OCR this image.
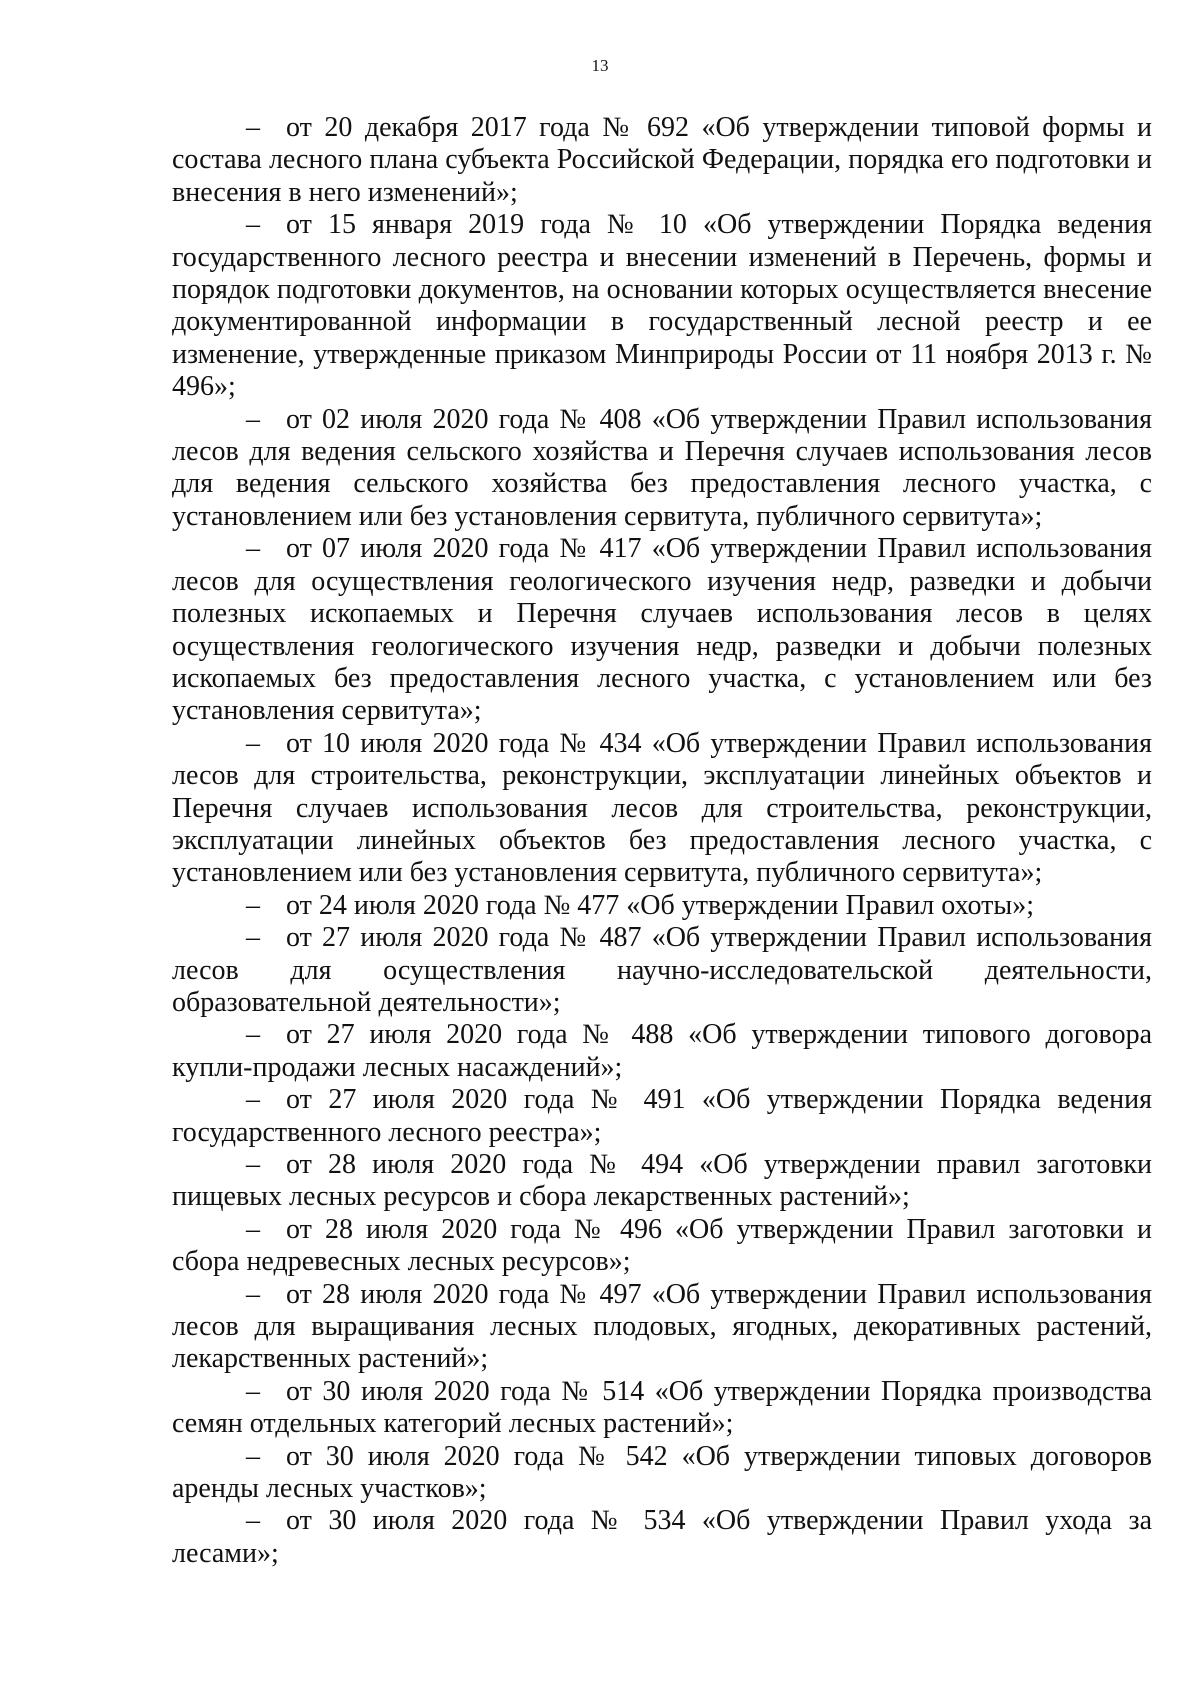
13

– от 20 декабря 2017 года № 692 «Об утверждении типовой формы и состава лесного плана субъекта Российской Федерации, порядка его подготовки и внесения в него изменений»;

– от 15 января 2019 года № 10 «Об утверждении Порядка ведения государственного лесного реестра и внесении изменений в Перечень, формы и порядок подготовки документов, на основании которых осуществляется внесение документированной информации в государственный лесной реестр и ее изменение, утвержденные приказом Минприроды России от 11 ноября 2013 г. № 496»;

– от 02 июля 2020 года № 408 «Об утверждении Правил использования лесов для ведения сельского хозяйства и Перечня случаев использования лесов для ведения сельского хозяйства без предоставления лесного участка, с установлением или без установления сервитута, публичного сервитута»;

– от 07 июля 2020 года № 417 «Об утверждении Правил использования лесов для осуществления геологического изучения недр, разведки и добычи полезных ископаемых и Перечня случаев использования лесов в целях осуществления геологического изучения недр, разведки и добычи полезных ископаемых без предоставления лесного участка, с установлением или без установления сервитута»;

– от 10 июля 2020 года № 434 «Об утверждении Правил использования лесов для строительства, реконструкции, эксплуатации линейных объектов и Перечня случаев использования лесов для строительства, реконструкции, эксплуатации линейных объектов без предоставления лесного участка, с установлением или без установления сервитута, публичного сервитута»;

– от 24 июля 2020 года № 477 «Об утверждении Правил охоты»;

– от 27 июля 2020 года № 487 «Об утверждении Правил использования лесов для осуществления научно-исследовательской деятельности, образовательной деятельности»;

– от 27 июля 2020 года № 488 «Об утверждении типового договора купли-продажи лесных насаждений»;

– от 27 июля 2020 года № 491 «Об утверждении Порядка ведения государственного лесного реестра»;

– от 28 июля 2020 года № 494 «Об утверждении правил заготовки пищевых лесных ресурсов и сбора лекарственных растений»;

– от 28 июля 2020 года № 496 «Об утверждении Правил заготовки и сбора недревесных лесных ресурсов»;

– от 28 июля 2020 года № 497 «Об утверждении Правил использования лесов для выращивания лесных плодовых, ягодных, декоративных растений, лекарственных растений»;

– от 30 июля 2020 года № 514 «Об утверждении Порядка производства семян отдельных категорий лесных растений»;

– от 30 июля 2020 года № 542 «Об утверждении типовых договоров аренды лесных участков»;

– от 30 июля 2020 года № 534 «Об утверждении Правил ухода за лесами»;
